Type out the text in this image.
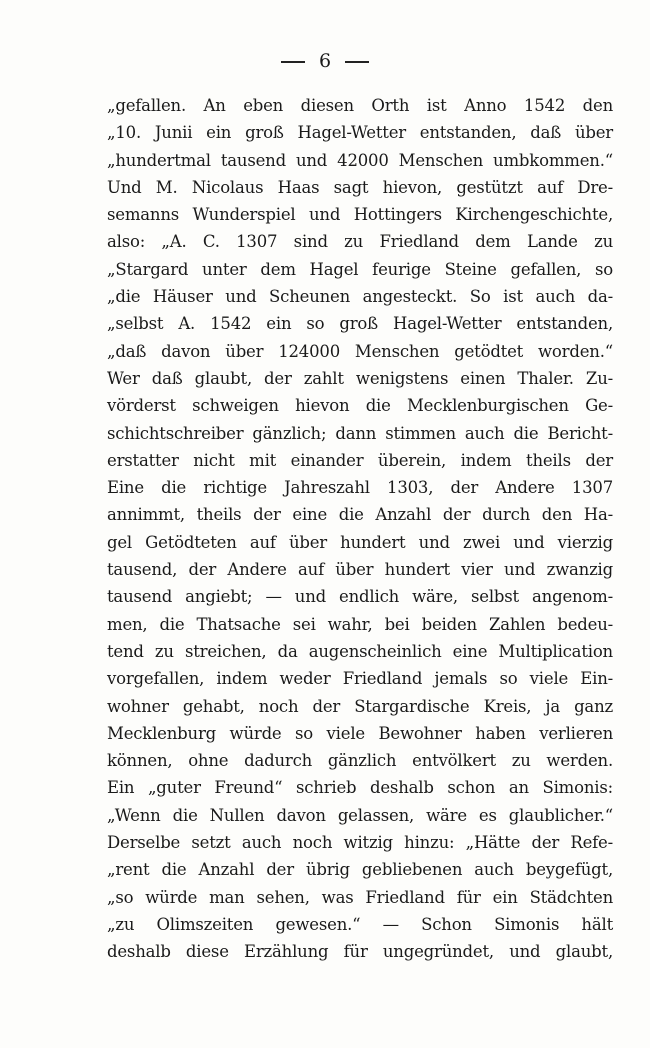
6
„gefallen. An eben diesen Orth ist Anno 1542 den
„10. Junii ein groß Hagel-Wetter entstanden, daß über
„hundertmal tausend und 42000 Menschen umbkommen.“
Und M. Nicolaus Haas sagt hievon, gestützt auf Dre-
semanns Wunderspiel und Hottingers Kirchengeschichte,
also: „A. C. 1307 sind zu Friedland dem Lande zu
„Stargard unter dem Hagel feurige Steine gefallen, so
„die Häuser und Scheunen angesteckt. So ist auch da-
„selbst A. 1542 ein so groß Hagel-Wetter entstanden,
„daß davon über 124000 Menschen getödtet worden.“
Wer daß glaubt, der zahlt wenigstens einen Thaler. Zu-
vörderst schweigen hievon die Mecklenburgischen Ge-
schichtschreiber gänzlich; dann stimmen auch die Bericht-
erstatter nicht mit einander überein, indem theils der
Eine die richtige Jahreszahl 1303, der Andere 1307
annimmt, theils der eine die Anzahl der durch den Ha-
gel Getödteten auf über hundert und zwei und vierzig
tausend, der Andere auf über hundert vier und zwanzig
tausend angiebt; — und endlich wäre, selbst angenom-
men, die Thatsache sei wahr, bei beiden Zahlen bedeu-
tend zu streichen, da augenscheinlich eine Multiplication
vorgefallen, indem weder Friedland jemals so viele Ein-
wohner gehabt, noch der Stargardische Kreis, ja ganz
Mecklenburg würde so viele Bewohner haben verlieren
können, ohne dadurch gänzlich entvölkert zu werden.
Ein „guter Freund“ schrieb deshalb schon an Simonis:
„Wenn die Nullen davon gelassen, wäre es glaublicher.“
Derselbe setzt auch noch witzig hinzu: „Hätte der Refe-
„rent die Anzahl der übrig gebliebenen auch beygefügt,
„so würde man sehen, was Friedland für ein Städchten
„zu Olimszeiten gewesen.“ — Schon Simonis hält
deshalb diese Erzählung für ungegründet, und glaubt,
